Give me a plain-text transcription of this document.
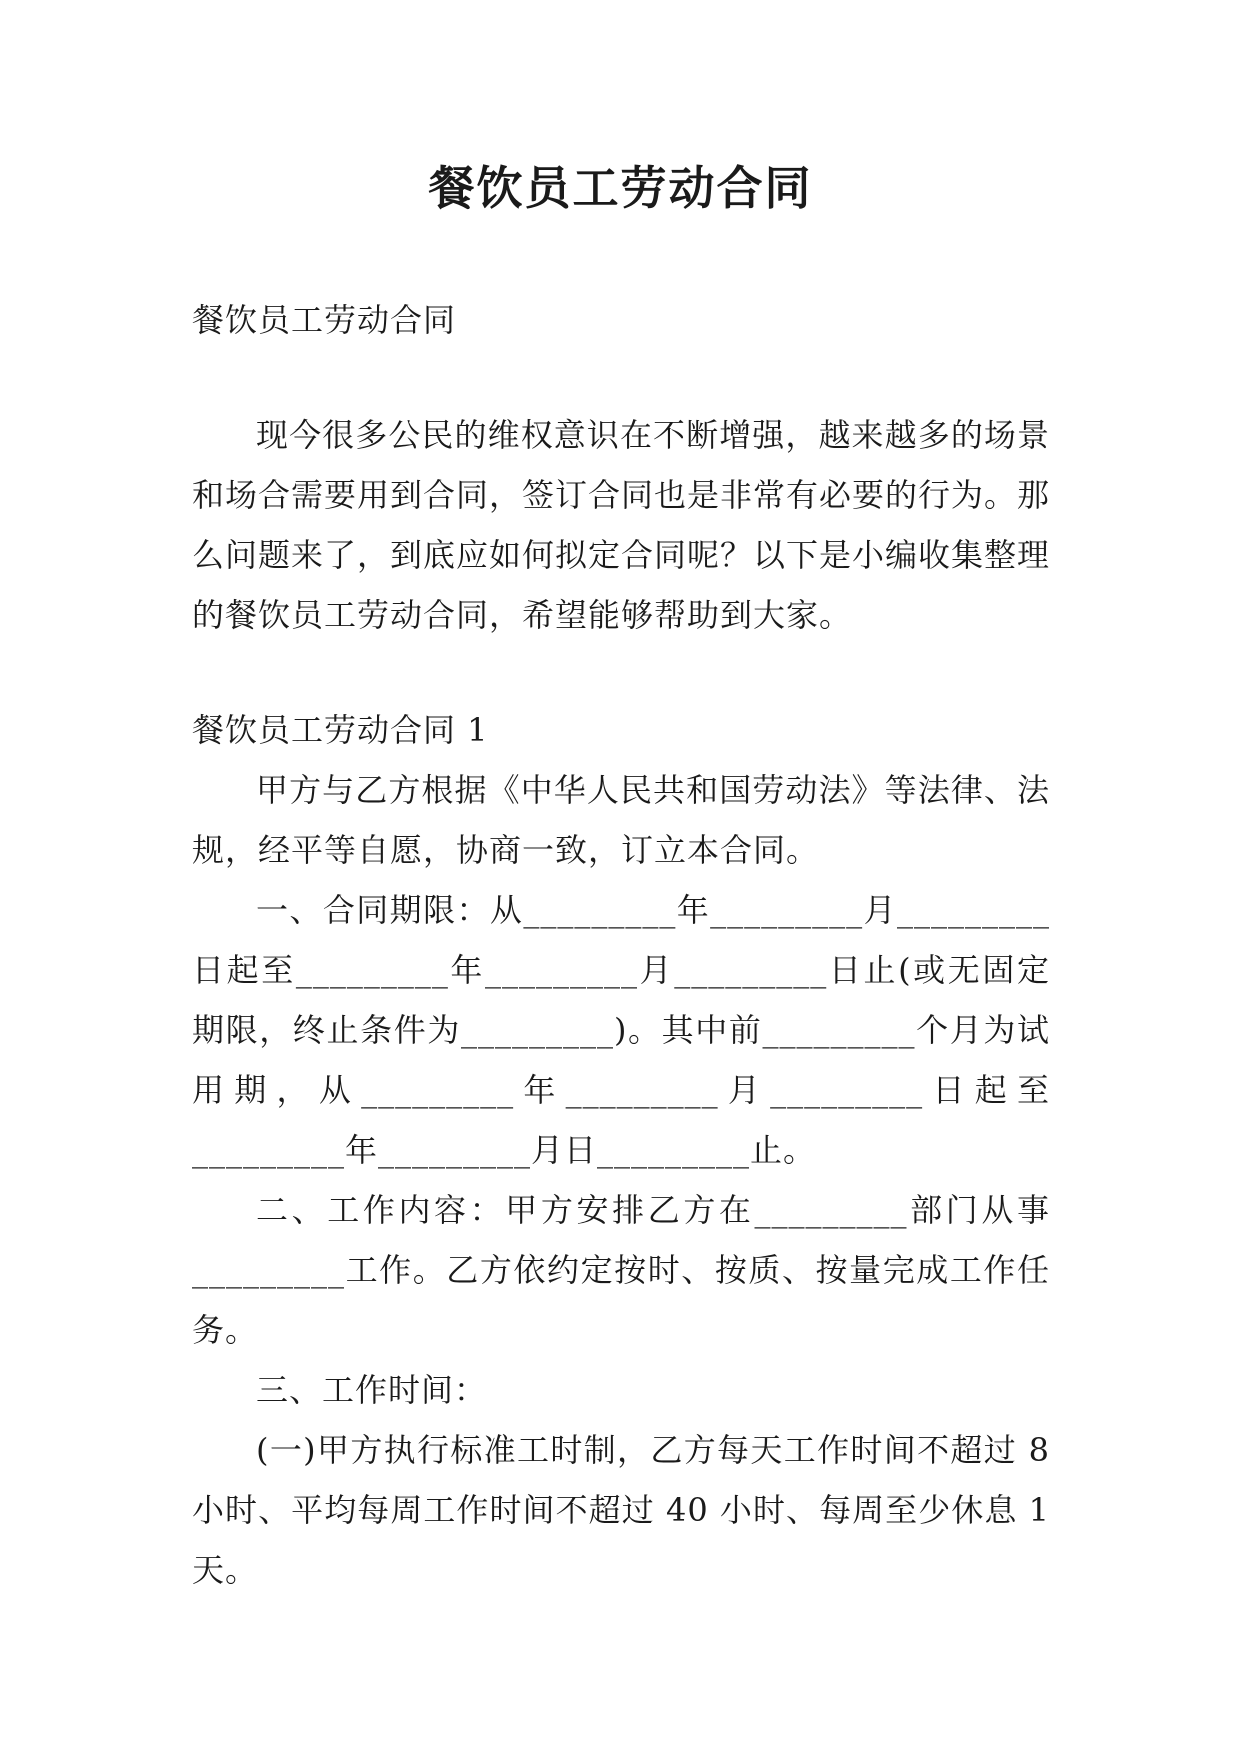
餐饮员工劳动合同

餐饮员工劳动合同

现今很多公民的维权意识在不断增强，越来越多的场景和场合需要用到合同，签订合同也是非常有必要的行为。那么问题来了，到底应如何拟定合同呢？以下是小编收集整理的餐饮员工劳动合同，希望能够帮助到大家。

餐饮员工劳动合同 1

甲方与乙方根据《中华人民共和国劳动法》等法律、法规，经平等自愿，协商一致，订立本合同。

一、合同期限：从_________年_________月_________日起至_________年_________月_________日止(或无固定期限，终止条件为_________)。其中前_________个月为试用期，从_________年_________月_________日起至_________年_________月日_________止。

二、工作内容：甲方安排乙方在_________部门从事_________工作。乙方依约定按时、按质、按量完成工作任务。

三、工作时间：

(一)甲方执行标准工时制，乙方每天工作时间不超过 8 小时、平均每周工作时间不超过 40 小时、每周至少休息 1 天。
